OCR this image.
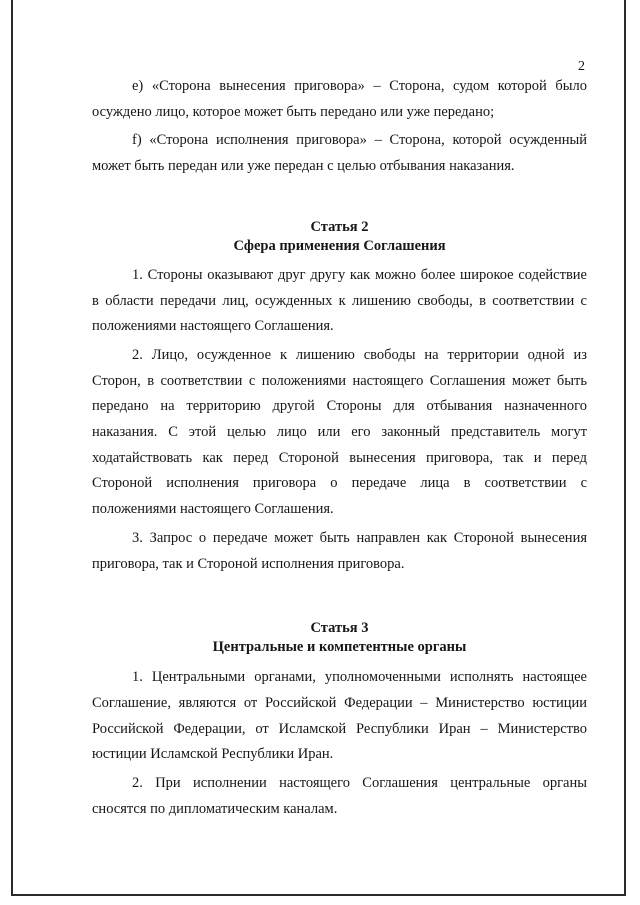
2

e) «Сторона вынесения приговора» – Сторона, судом которой было осуждено лицо, которое может быть передано или уже передано;

f) «Сторона исполнения приговора» – Сторона, которой осужденный может быть передан или уже передан с целью отбывания наказания.

Статья 2

Сфера применения Соглашения

1. Стороны оказывают друг другу как можно более широкое содействие в области передачи лиц, осужденных к лишению свободы, в соответствии с положениями настоящего Соглашения.

2. Лицо, осужденное к лишению свободы на территории одной из Сторон, в соответствии с положениями настоящего Соглашения может быть передано на территорию другой Стороны для отбывания назначенного наказания. С этой целью лицо или его законный представитель могут ходатайствовать как перед Стороной вынесения приговора, так и перед Стороной исполнения приговора о передаче лица в соответствии с положениями настоящего Соглашения.

3. Запрос о передаче может быть направлен как Стороной вынесения приговора, так и Стороной исполнения приговора.

Статья 3

Центральные и компетентные органы

1. Центральными органами, уполномоченными исполнять настоящее Соглашение, являются от Российской Федерации – Министерство юстиции Российской Федерации, от Исламской Республики Иран – Министерство юстиции Исламской Республики Иран.

2. При исполнении настоящего Соглашения центральные органы сносятся по дипломатическим каналам.
